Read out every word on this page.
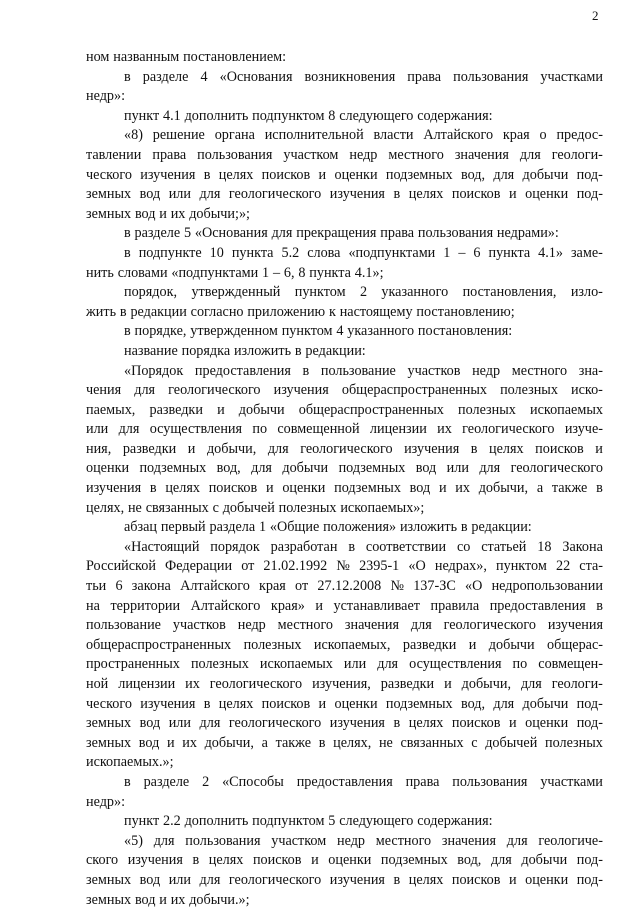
2
ном названным постановлением:
в разделе 4 «Основания возникновения права пользования участками
недр»:
пункт 4.1 дополнить подпунктом 8 следующего содержания:
«8) решение органа исполнительной власти Алтайского края о предос-
тавлении права пользования участком недр местного значения для геологи-
ческого изучения в целях поисков и оценки подземных вод, для добычи под-
земных вод или для геологического изучения в целях поисков и оценки под-
земных вод и их добычи;»;
в разделе 5 «Основания для прекращения права пользования недрами»:
в подпункте 10 пункта 5.2 слова «подпунктами 1 – 6 пункта 4.1» заме-
нить словами «подпунктами 1 – 6, 8 пункта 4.1»;
порядок, утвержденный пунктом 2 указанного постановления, изло-
жить в редакции согласно приложению к настоящему постановлению;
в порядке, утвержденном пунктом 4 указанного постановления:
название порядка изложить в редакции:
«Порядок предоставления в пользование участков недр местного зна-
чения для геологического изучения общераспространенных полезных иско-
паемых, разведки и добычи общераспространенных полезных ископаемых
или для осуществления по совмещенной лицензии их геологического изуче-
ния, разведки и добычи, для геологического изучения в целях поисков и
оценки подземных вод, для добычи подземных вод или для геологического
изучения в целях поисков и оценки подземных вод и их добычи, а также в
целях, не связанных с добычей полезных ископаемых»;
абзац первый раздела 1 «Общие положения» изложить в редакции:
«Настоящий порядок разработан в соответствии со статьей 18 Закона
Российской Федерации от 21.02.1992 № 2395-1 «О недрах», пунктом 22 ста-
тьи 6 закона Алтайского края от 27.12.2008 № 137-ЗС «О недропользовании
на территории Алтайского края» и устанавливает правила предоставления в
пользование участков недр местного значения для геологического изучения
общераспространенных полезных ископаемых, разведки и добычи общерас-
пространенных полезных ископаемых или для осуществления по совмещен-
ной лицензии их геологического изучения, разведки и добычи, для геологи-
ческого изучения в целях поисков и оценки подземных вод, для добычи под-
земных вод или для геологического изучения в целях поисков и оценки под-
земных вод и их добычи, а также в целях, не связанных с добычей полезных
ископаемых.»;
в разделе 2 «Способы предоставления права пользования участками
недр»:
пункт 2.2 дополнить подпунктом 5 следующего содержания:
«5) для пользования участком недр местного значения для геологиче-
ского изучения в целях поисков и оценки подземных вод, для добычи под-
земных вод или для геологического изучения в целях поисков и оценки под-
земных вод и их добычи.»;
